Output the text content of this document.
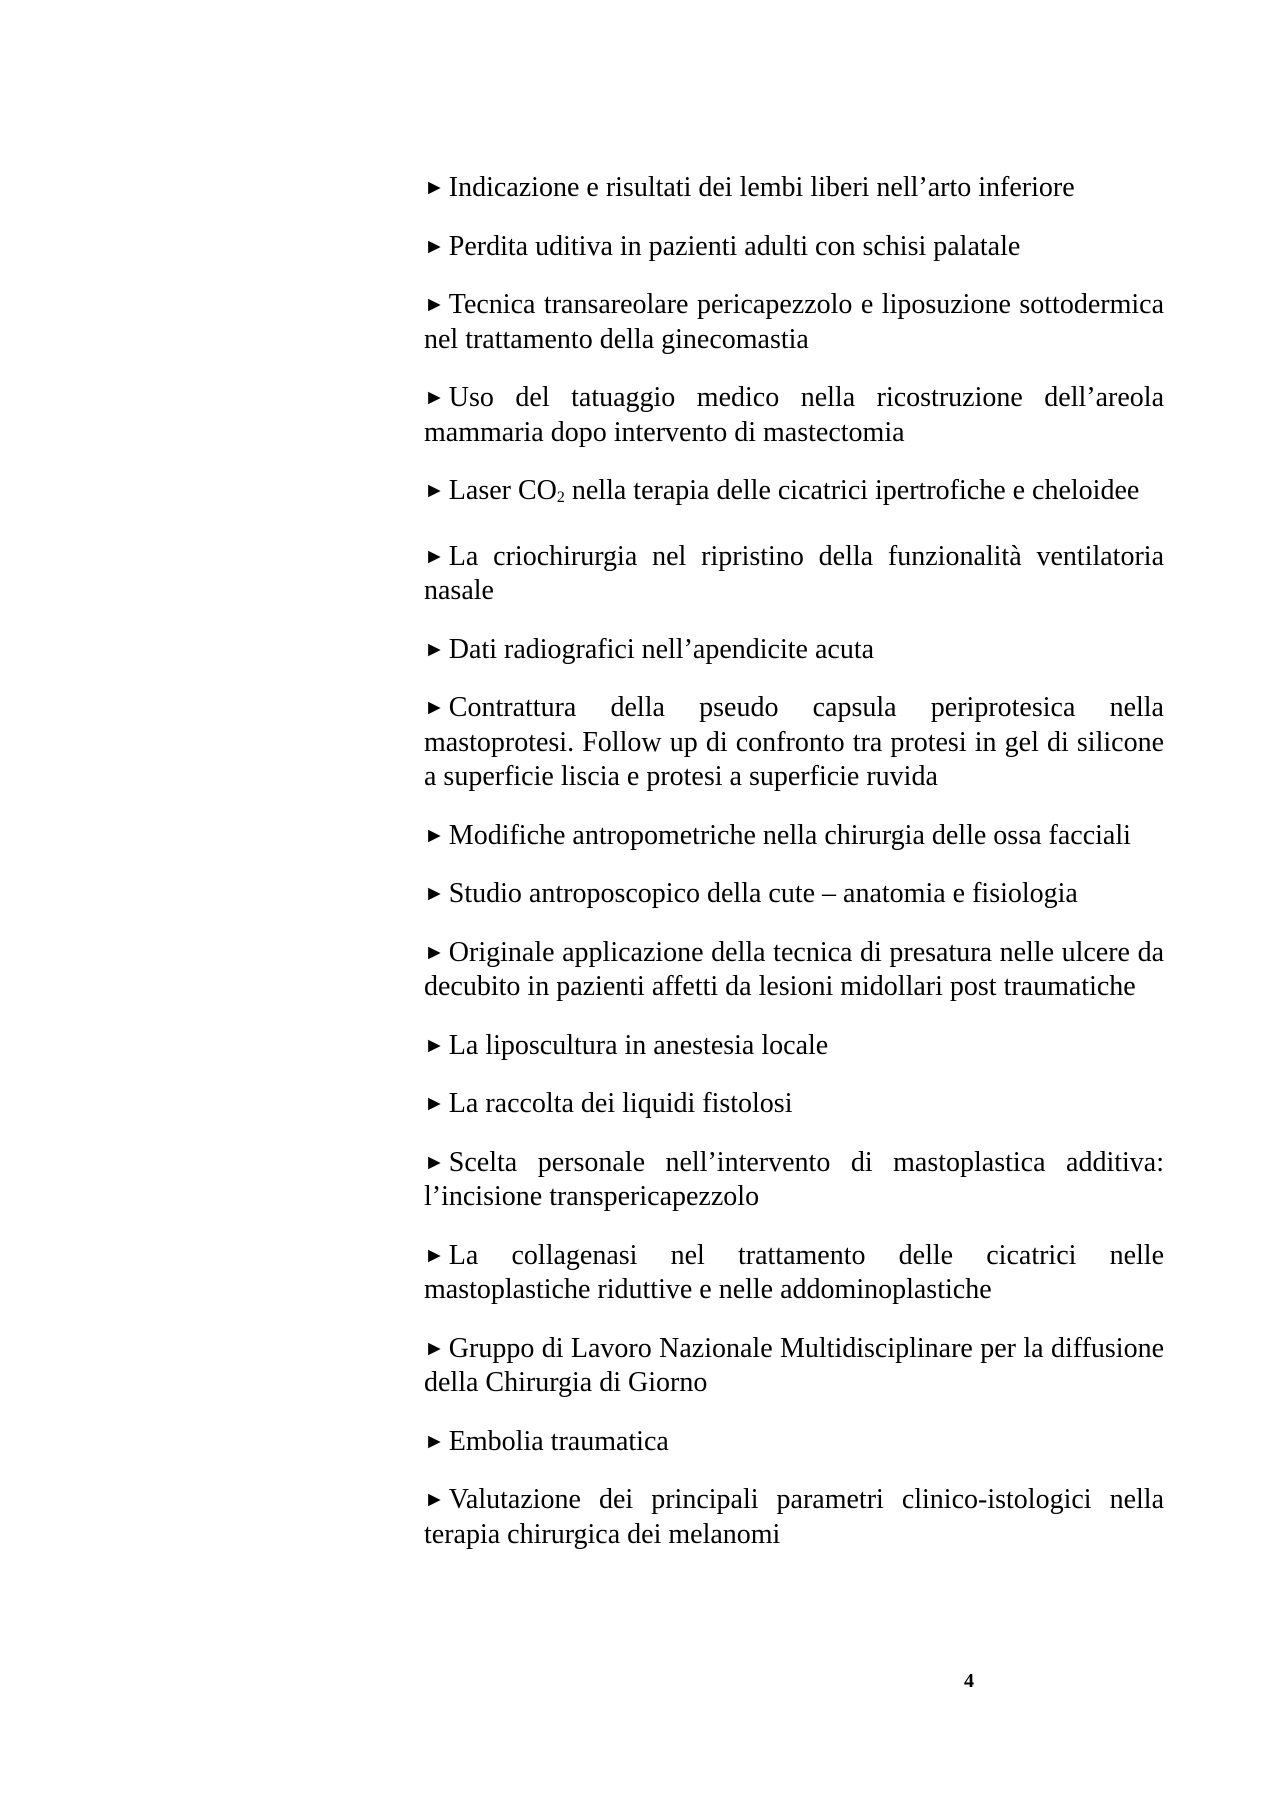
► Indicazione e risultati dei lembi liberi nell’arto inferiore
► Perdita uditiva in pazienti adulti con schisi palatale
► Tecnica transareolare pericapezzolo e liposuzione sottodermica nel trattamento della ginecomastia
► Uso del tatuaggio medico nella ricostruzione dell’areola mammaria dopo intervento di mastectomia
► Laser CO2 nella terapia delle cicatrici ipertrofiche e cheloidee
► La criochirurgia nel ripristino della funzionalità ventilatoria nasale
► Dati radiografici nell’apendicite acuta
► Contrattura della pseudo capsula periprotesica nella mastoprotesi. Follow up di confronto tra protesi in gel di silicone a superficie liscia e protesi a superficie ruvida
► Modifiche antropometriche nella chirurgia delle ossa facciali
► Studio antroposcopico della cute – anatomia e fisiologia
► Originale applicazione della tecnica di presatura nelle ulcere da decubito in pazienti affetti da lesioni midollari post traumatiche
► La liposcultura in anestesia locale
► La raccolta dei liquidi fistolosi
► Scelta personale nell’intervento di mastoplastica additiva: l’incisione transpericapezzolo
► La collagenasi nel trattamento delle cicatrici nelle mastoplastiche riduttive e nelle addominoplastiche
► Gruppo di Lavoro Nazionale Multidisciplinare per la diffusione della Chirurgia di Giorno
► Embolia traumatica
► Valutazione dei principali parametri clinico-istologici nella terapia chirurgica dei melanomi
4
